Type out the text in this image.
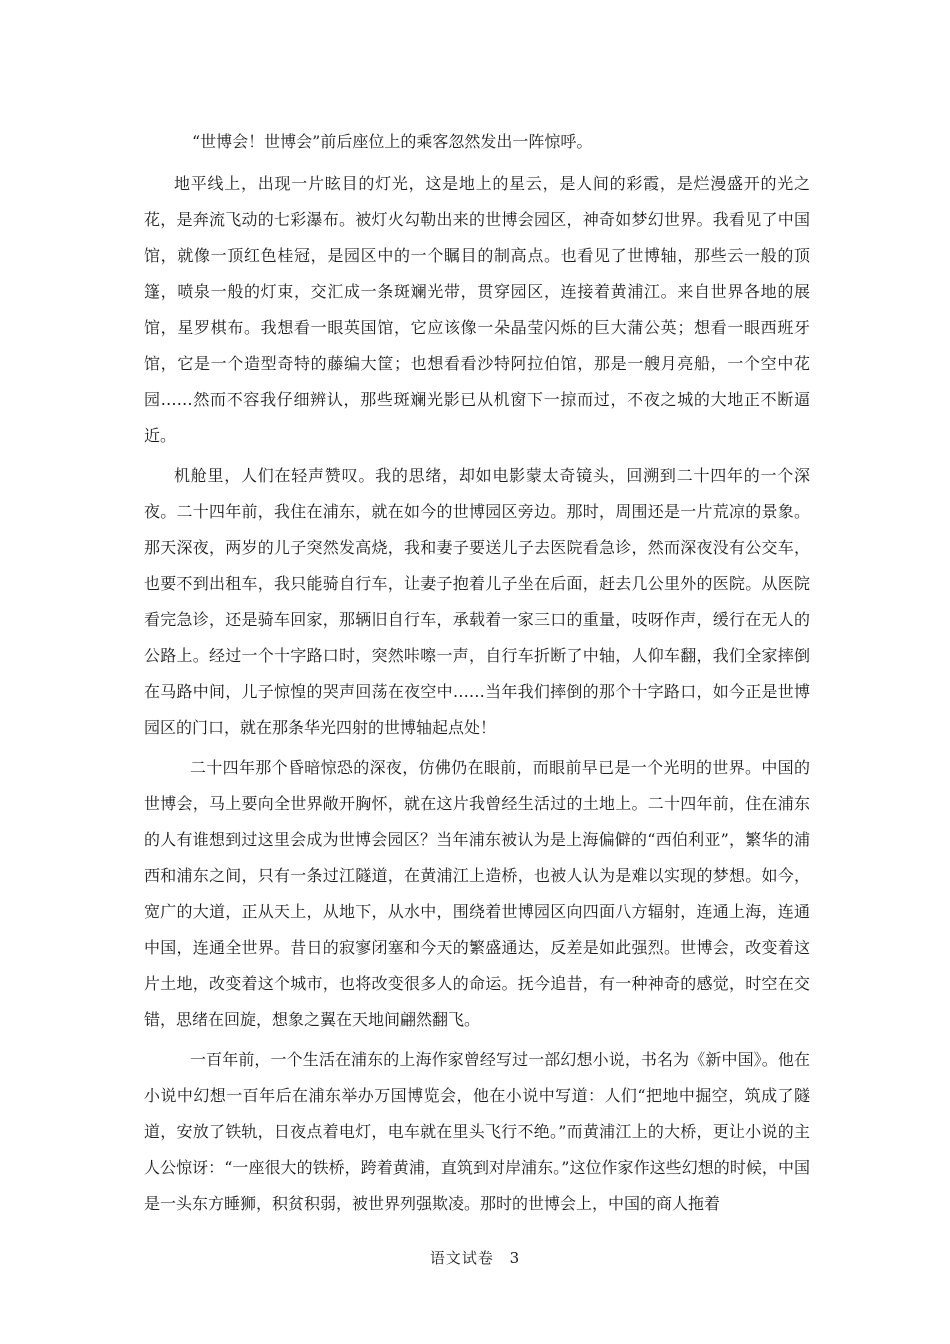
“世博会！世博会”前后座位上的乘客忽然发出一阵惊呼。

地平线上，出现一片眩目的灯光，这是地上的星云，是人间的彩霞，是烂漫盛开的光之花，是奔流飞动的七彩瀑布。被灯火勾勒出来的世博会园区，神奇如梦幻世界。我看见了中国馆，就像一顶红色桂冠，是园区中的一个瞩目的制高点。也看见了世博轴，那些云一般的顶篷，喷泉一般的灯束，交汇成一条斑斓光带，贯穿园区，连接着黄浦江。来自世界各地的展馆，星罗棋布。我想看一眼英国馆，它应该像一朵晶莹闪烁的巨大蒲公英；想看一眼西班牙馆，它是一个造型奇特的藤编大筐；也想看看沙特阿拉伯馆，那是一艘月亮船，一个空中花园……然而不容我仔细辨认，那些斑斓光影已从机窗下一掠而过，不夜之城的大地正不断逼近。

机舱里，人们在轻声赞叹。我的思绪，却如电影蒙太奇镜头，回溯到二十四年的一个深夜。二十四年前，我住在浦东，就在如今的世博园区旁边。那时，周围还是一片荒凉的景象。那天深夜，两岁的儿子突然发高烧，我和妻子要送儿子去医院看急诊，然而深夜没有公交车，也要不到出租车，我只能骑自行车，让妻子抱着儿子坐在后面，赶去几公里外的医院。从医院看完急诊，还是骑车回家，那辆旧自行车，承载着一家三口的重量，吱呀作声，缓行在无人的公路上。经过一个十字路口时，突然咔嚓一声，自行车折断了中轴，人仰车翻，我们全家摔倒在马路中间，儿子惊惶的哭声回荡在夜空中……当年我们摔倒的那个十字路口，如今正是世博园区的门口，就在那条华光四射的世博轴起点处！

二十四年那个昏暗惊恐的深夜，仿佛仍在眼前，而眼前早已是一个光明的世界。中国的世博会，马上要向全世界敞开胸怀，就在这片我曾经生活过的土地上。二十四年前，住在浦东的人有谁想到过这里会成为世博会园区？当年浦东被认为是上海偏僻的“西伯利亚”，繁华的浦西和浦东之间，只有一条过江隧道，在黄浦江上造桥，也被人认为是难以实现的梦想。如今，宽广的大道，正从天上，从地下，从水中，围绕着世博园区向四面八方辐射，连通上海，连通中国，连通全世界。昔日的寂寥闭塞和今天的繁盛通达，反差是如此强烈。世博会，改变着这片土地，改变着这个城市，也将改变很多人的命运。抚今追昔，有一种神奇的感觉，时空在交错，思绪在回旋，想象之翼在天地间翩然翻飞。

一百年前，一个生活在浦东的上海作家曾经写过一部幻想小说，书名为《新中国》。他在小说中幻想一百年后在浦东举办万国博览会，他在小说中写道：人们“把地中掘空，筑成了隧道，安放了铁轨，日夜点着电灯，电车就在里头飞行不绝。”而黄浦江上的大桥，更让小说的主人公惊讶：“一座很大的铁桥，跨着黄浦，直筑到对岸浦东。”这位作家作这些幻想的时候，中国是一头东方睡狮，积贫积弱，被世界列强欺凌。那时的世博会上，中国的商人拖着

语文试卷 3
